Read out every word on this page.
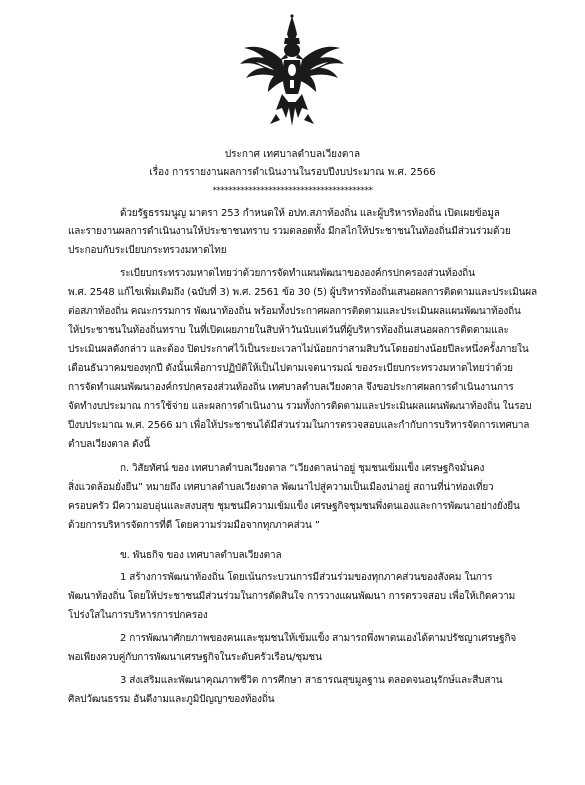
ประกาศ เทศบาลตำบลเวียงตาล
เรื่อง การรายงานผลการดำเนินงานในรอบปีงบประมาณ พ.ศ. 2566
****************************************
ด้วยรัฐธรรมนูญ มาตรา 253 กำหนดให้ อปท.สภาท้องถิ่น และผู้บริหารท้องถิ่น เปิดเผยข้อมูล
และรายงานผลการดำเนินงานให้ประชาชนทราบ รวมตลอดทั้ง มีกลไกให้ประชาชนในท้องถิ่นมีส่วนร่วมด้วย
ประกอบกับระเบียบกระทรวงมหาดไทย
ระเบียบกระทรวงมหาดไทยว่าด้วยการจัดทำแผนพัฒนาขององค์กรปกครองส่วนท้องถิ่น
พ.ศ. 2548 แก้ไขเพิ่มเติมถึง (ฉบับที่ 3) พ.ศ. 2561 ข้อ 30 (5) ผู้บริหารท้องถิ่นเสนอผลการติดตามและประเมินผล
ต่อสภาท้องถิ่น คณะกรรมการ พัฒนาท้องถิ่น พร้อมทั้งประกาศผลการติดตามและประเมินผลแผนพัฒนาท้องถิ่น
ให้ประชาชนในท้องถิ่นทราบ ในที่เปิดเผยภายในสิบห้าวันนับแต่วันที่ผู้บริหารท้องถิ่นเสนอผลการติดตามและ
ประเมินผลดังกล่าว และต้อง ปิดประกาศไว้เป็นระยะเวลาไม่น้อยกว่าสามสิบวันโดยอย่างน้อยปีละหนึ่งครั้งภายใน
เดือนธันวาคมของทุกปี ดังนั้นเพื่อการปฏิบัติให้เป็นไปตามเจตนารมณ์ ของระเบียบกระทรวงมหาดไทยว่าด้วย
การจัดทำแผนพัฒนาองค์กรปกครองส่วนท้องถิ่น เทศบาลตำบลเวียงตาล จึงขอประกาศผลการดำเนินงานการ
จัดทำงบประมาณ การใช้จ่าย และผลการดำเนินงาน รวมทั้งการติดตามและประเมินผลแผนพัฒนาท้องถิ่น ในรอบ
ปีงบประมาณ พ.ศ. 2566 มา เพื่อให้ประชาชนได้มีส่วนร่วมในการตรวจสอบและกำกับการบริหารจัดการเทศบาล
ตำบลเวียงตาล ดังนี้
ก. วิสัยทัศน์ ของ เทศบาลตำบลเวียงตาล “เวียงตาลน่าอยู่ ชุมชนเข้มแข็ง เศรษฐกิจมั่นคง
สิ่งแวดล้อมยั่งยืน” หมายถึง เทศบาลตำบลเวียงตาล พัฒนาไปสู่ความเป็นเมืองน่าอยู่ สถานที่น่าท่องเที่ยว
ครอบครัว มีความอบอุ่นและสงบสุข ชุมชนมีความเข้มแข็ง เศรษฐกิจชุมชนพึ่งตนเองและการพัฒนาอย่างยั่งยืน
ด้วยการบริหารจัดการที่ดี โดยความร่วมมือจากทุกภาคส่วน ”
ข. พันธกิจ ของ เทศบาลตำบลเวียงตาล
1 สร้างการพัฒนาท้องถิ่น โดยเน้นกระบวนการมีส่วนร่วมของทุกภาคส่วนของสังคม ในการ
พัฒนาท้องถิ่น โดยให้ประชาชนมีส่วนร่วมในการตัดสินใจ การวางแผนพัฒนา การตรวจสอบ เพื่อให้เกิดความ
โปร่งใสในการบริหารการปกครอง
2 การพัฒนาศักยภาพของคนและชุมชนให้เข้มแข็ง สามารถพึ่งพาตนเองได้ตามปรัชญาเศรษฐกิจ
พอเพียงควบคู่กับการพัฒนาเศรษฐกิจในระดับครัวเรือน/ชุมชน
3 ส่งเสริมและพัฒนาคุณภาพชีวิต การศึกษา สาธารณสุขมูลฐาน ตลอดจนอนุรักษ์และสืบสาน
ศิลปวัฒนธรรม อันดีงามและภูมิปัญญาของท้องถิ่น
